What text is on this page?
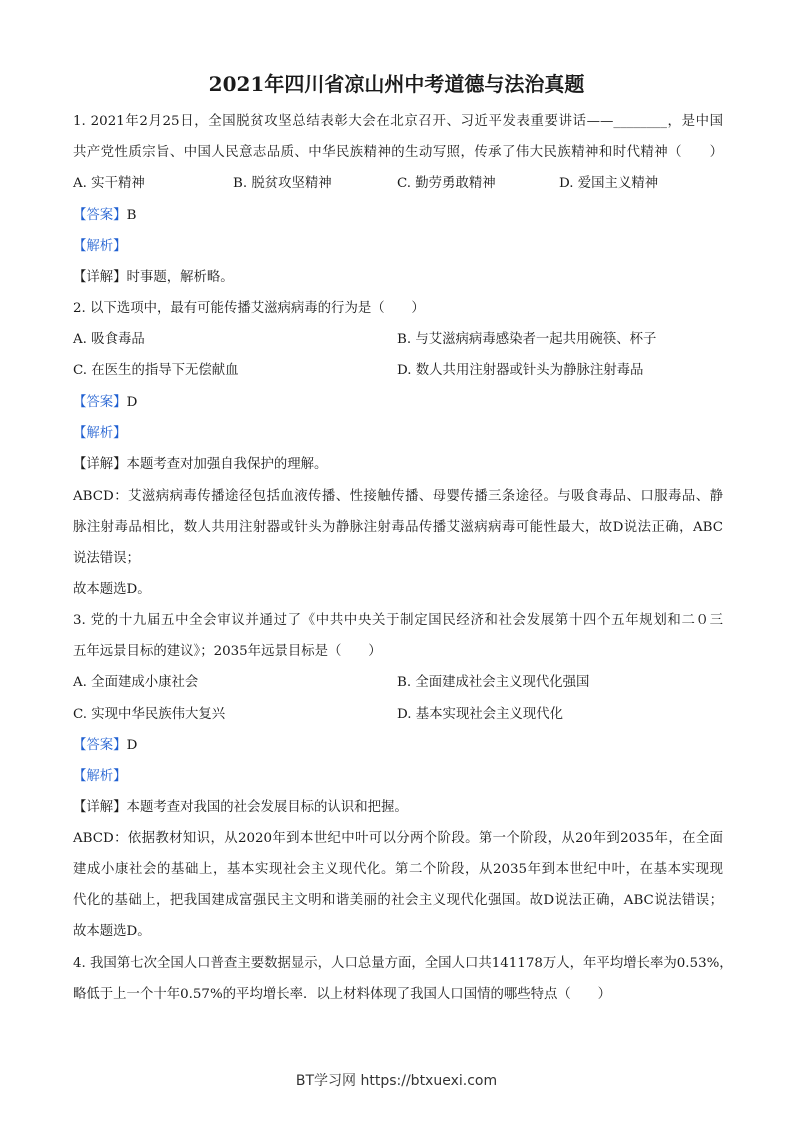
2021年四川省凉山州中考道德与法治真题
1. 2021年2月25日，全国脱贫攻坚总结表彰大会在北京召开、习近平发表重要讲话——________，是中国
共产党性质宗旨、中国人民意志品质、中华民族精神的生动写照，传承了伟大民族精神和时代精神（　　）
A. 实干精神	B. 脱贫攻坚精神	C. 勤劳勇敢精神	D. 爱国主义精神
【答案】B
【解析】
【详解】时事题，解析略。
2. 以下选项中，最有可能传播艾滋病病毒的行为是（　　）
A. 吸食毒品	B. 与艾滋病病毒感染者一起共用碗筷、杯子
C. 在医生的指导下无偿献血	D. 数人共用注射器或针头为静脉注射毒品
【答案】D
【解析】
【详解】本题考查对加强自我保护的理解。
ABCD：艾滋病病毒传播途径包括血液传播、性接触传播、母婴传播三条途径。与吸食毒品、口服毒品、静
脉注射毒品相比，数人共用注射器或针头为静脉注射毒品传播艾滋病病毒可能性最大，故D说法正确，ABC
说法错误；
故本题选D。
3. 党的十九届五中全会审议并通过了《中共中央关于制定国民经济和社会发展第十四个五年规划和二０三
五年远景目标的建议》；2035年远景目标是（　　）
A. 全面建成小康社会	B. 全面建成社会主义现代化强国
C. 实现中华民族伟大复兴	D. 基本实现社会主义现代化
【答案】D
【解析】
【详解】本题考查对我国的社会发展目标的认识和把握。
ABCD：依据教材知识，从2020年到本世纪中叶可以分两个阶段。第一个阶段，从20年到2035年，在全面
建成小康社会的基础上，基本实现社会主义现代化。第二个阶段，从2035年到本世纪中叶，在基本实现现
代化的基础上，把我国建成富强民主文明和谐美丽的社会主义现代化强国。故D说法正确，ABC说法错误；
故本题选D。
4. 我国第七次全国人口普查主要数据显示，人口总量方面，全国人口共141178万人，年平均增长率为0.53%，
略低于上一个十年0.57%的平均增长率．以上材料体现了我国人口国情的哪些特点（　　）
BT学习网 https://btxuexi.com
